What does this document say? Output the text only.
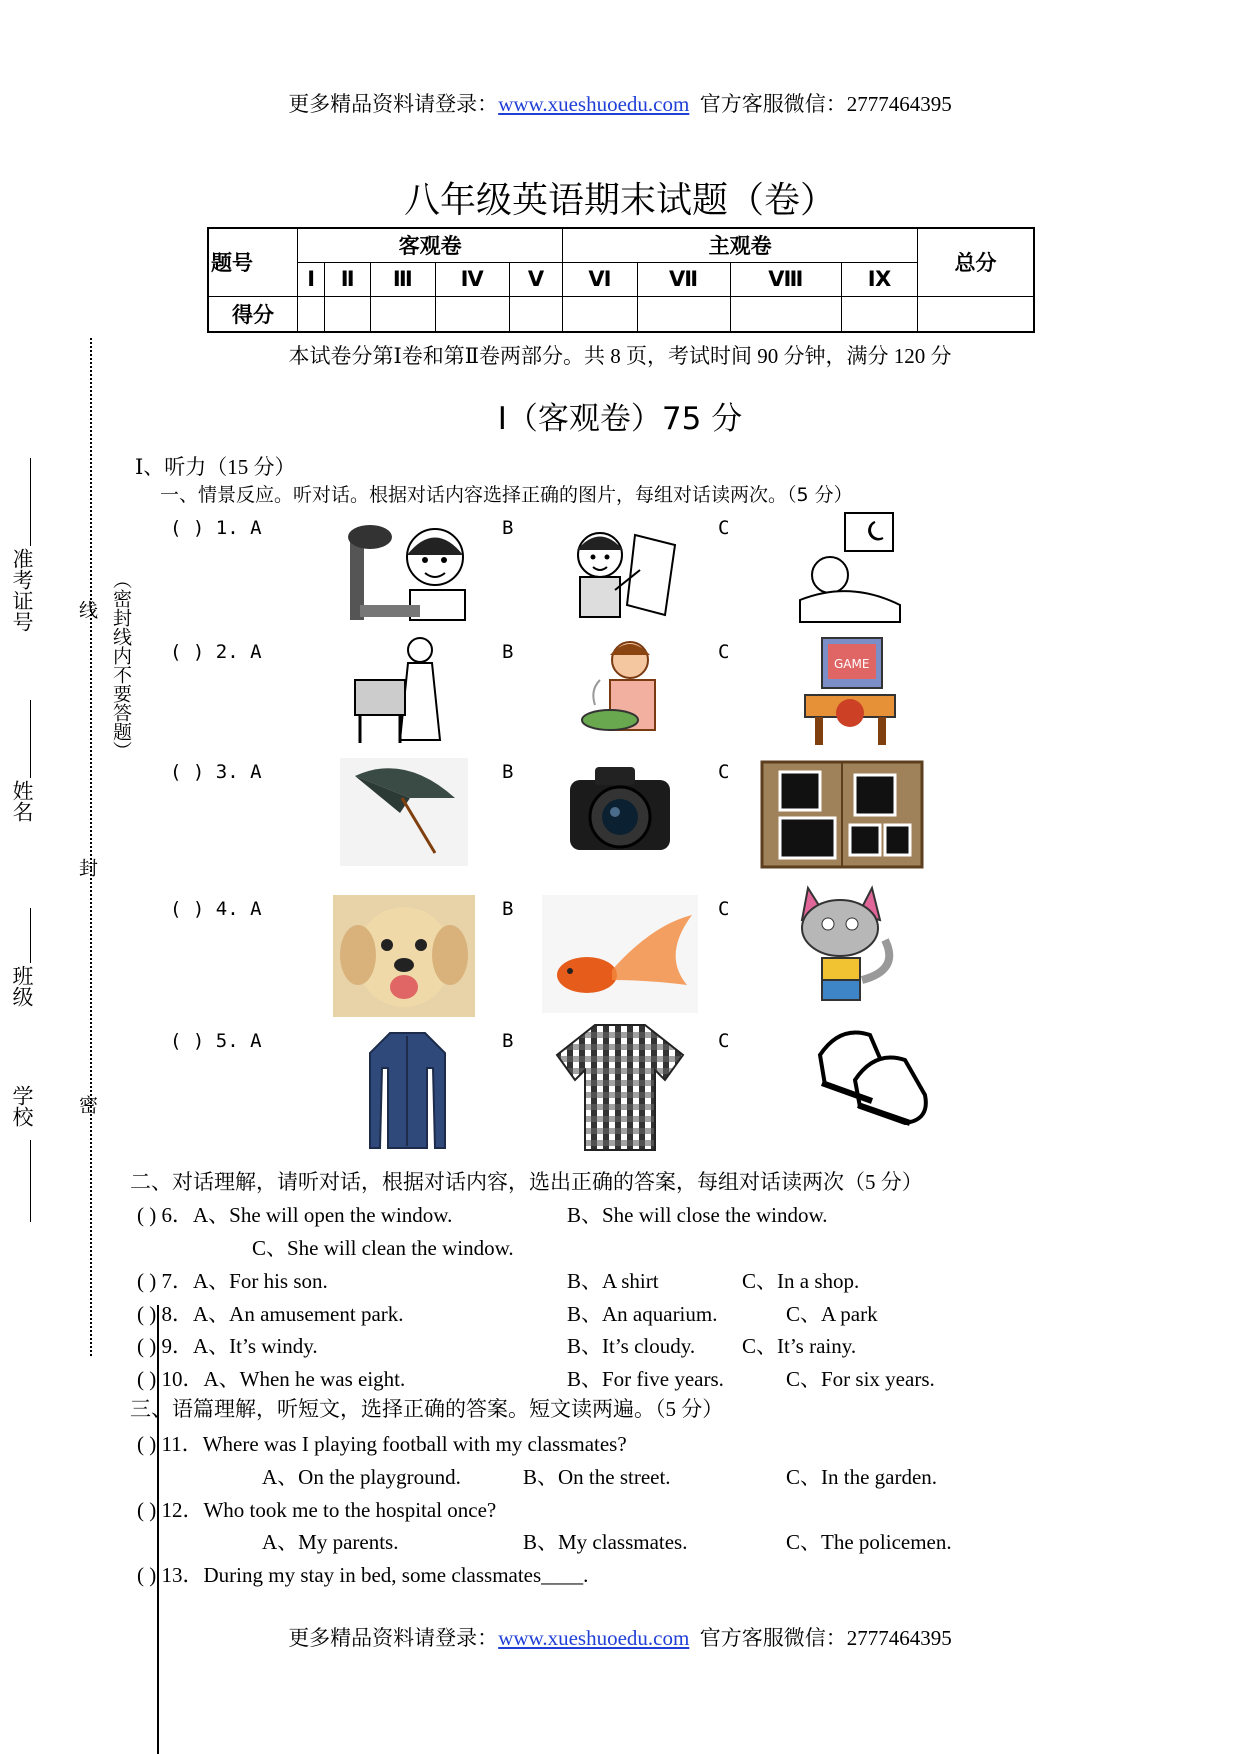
更多精品资料请登录：www.xueshuoedu.com 官方客服微信：2777464395
八年级英语期末试题（卷）
题号	客观卷					主观卷				总分
	Ⅰ	Ⅱ	Ⅲ	Ⅳ	Ⅴ	Ⅵ	Ⅶ	Ⅷ	Ⅸ	
得分										
本试卷分第Ⅰ卷和第Ⅱ卷两部分。共 8 页，考试时间 90 分钟，满分 120 分
Ⅰ（客观卷）75 分
准考证号
姓名
班级
学校
线
封
密
（密封线内不要答题）
Ⅰ、听力（15 分）
一、情景反应。听对话。根据对话内容选择正确的图片，每组对话读两次。（5 分）
( ) 1. A	B	C
( ) 2. A	B	C
( ) 3. A	B	C
( ) 4. A	B	C
( ) 5. A	B	C
GAME
二、对话理解，请听对话，根据对话内容，选出正确的答案，每组对话读两次（5 分）
( ) 6．A、She will open the window.	B、She will close the window.
C、She will clean the window.
( ) 7．A、For his son.	B、A shirt	C、In a shop.
( ) 8．A、An amusement park.	B、An aquarium.	C、A park
( ) 9．A、It’s windy.	B、It’s cloudy. C、It’s rainy.
( ) 10．A、When he was eight.	B、For five years.	C、For six years.
三、语篇理解，听短文，选择正确的答案。短文读两遍。（5 分）
( ) 11．Where was I playing football with my classmates?
A、On the playground.	B、On the street.	C、In the garden.
( ) 12．Who took me to the hospital once?
A、My parents.	B、My classmates.	C、The policemen.
( ) 13．During my stay in bed, some classmates____.
更多精品资料请登录：www.xueshuoedu.com 官方客服微信：2777464395
